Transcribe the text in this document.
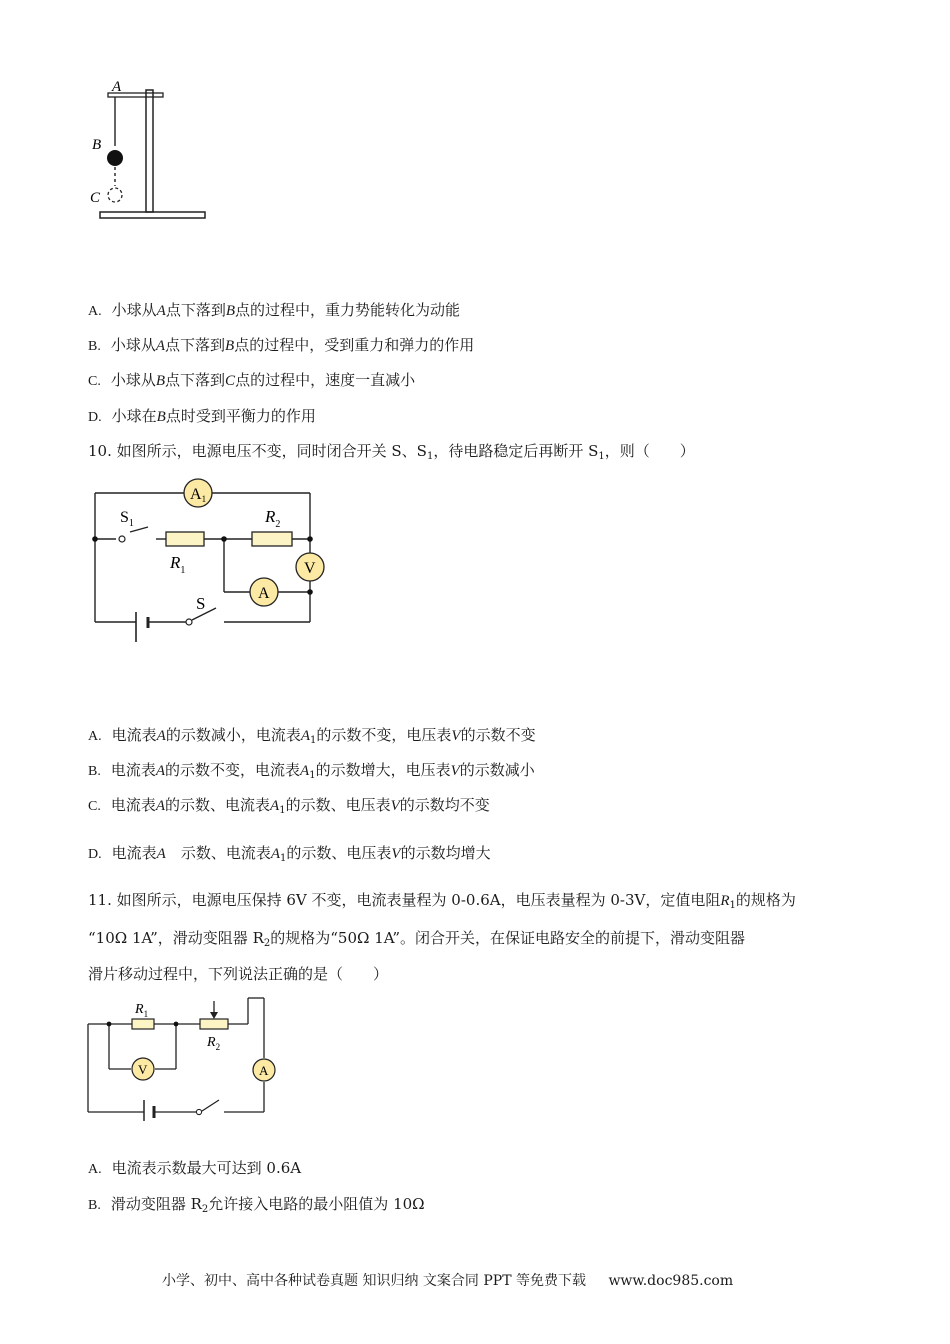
A
B
C
A. 小球从A点下落到B点的过程中，重力势能转化为动能
B. 小球从A点下落到B点的过程中，受到重力和弹力的作用
C. 小球从B点下落到C点的过程中，速度一直减小
D. 小球在B点时受到平衡力的作用
10. 如图所示，电源电压不变，同时闭合开关 S、$S_1$，待电路稳定后再断开 $S_1$，则（　　）
A1
$S_1$
$R_1$
$R_2$
V
A
S
A. 电流表A的示数减小，电流表$A_1$的示数不变，电压表V的示数不变
B. 电流表A的示数不变，电流表$A_1$的示数增大，电压表V的示数减小
C. 电流表A的示数、电流表$A_1$的示数、电压表V的示数均不变
D. 电流表A　示数、电流表$A_1$的示数、电压表V的示数均增大
11. 如图所示，电源电压保持 6V 不变，电流表量程为 0-0.6A，电压表量程为 0-3V，定值电阻$R_1$的规格为
“10Ω 1A”，滑动变阻器 $R_2$的规格为“50Ω 1A”。闭合开关，在保证电路安全的前提下，滑动变阻器
滑片移动过程中，下列说法正确的是（　　）
$R_1$
$R_2$
V	A
A. 电流表示数最大可达到 0.6A
B. 滑动变阻器 $R_2$允许接入电路的最小阻值为 10Ω
小学、初中、高中各种试卷真题 知识归纳 文案合同 PPT 等免费下载 www.doc985.com
